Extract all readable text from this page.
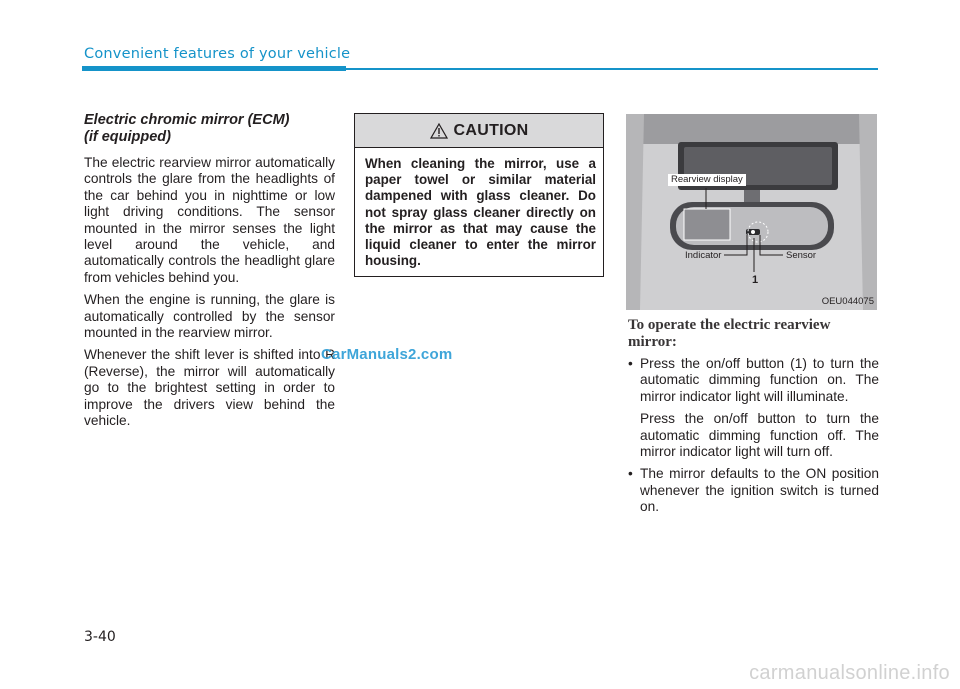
Convenient features of your vehicle
Electric chromic mirror (ECM)
(if equipped)

The electric rearview mirror automatically controls the glare from the headlights of the car behind you in nighttime or low light driving conditions. The sensor mounted in the mirror senses the light level around the vehicle, and automatically controls the headlight glare from vehicles behind you.

When the engine is running, the glare is automatically controlled by the sensor mounted in the rearview mirror.

Whenever the shift lever is shifted into R (Reverse), the mirror will automatically go to the brightest setting in order to improve the drivers view behind the vehicle.

CAUTION
When cleaning the mirror, use a paper towel or similar material dampened with glass cleaner. Do not spray glass cleaner directly on the mirror as that may cause the liquid cleaner to enter the mirror housing.
Rearview display
Indicator	Sensor
1
OEU044075
To operate the electric rearview mirror:
• Press the on/off button (1) to turn the automatic dimming function on. The mirror indicator light will illuminate.

Press the on/off button to turn the automatic dimming function off. The mirror indicator light will turn off.

• The mirror defaults to the ON position whenever the ignition switch is turned on.

CarManuals2.com
carmanualsonline.info
3-40
